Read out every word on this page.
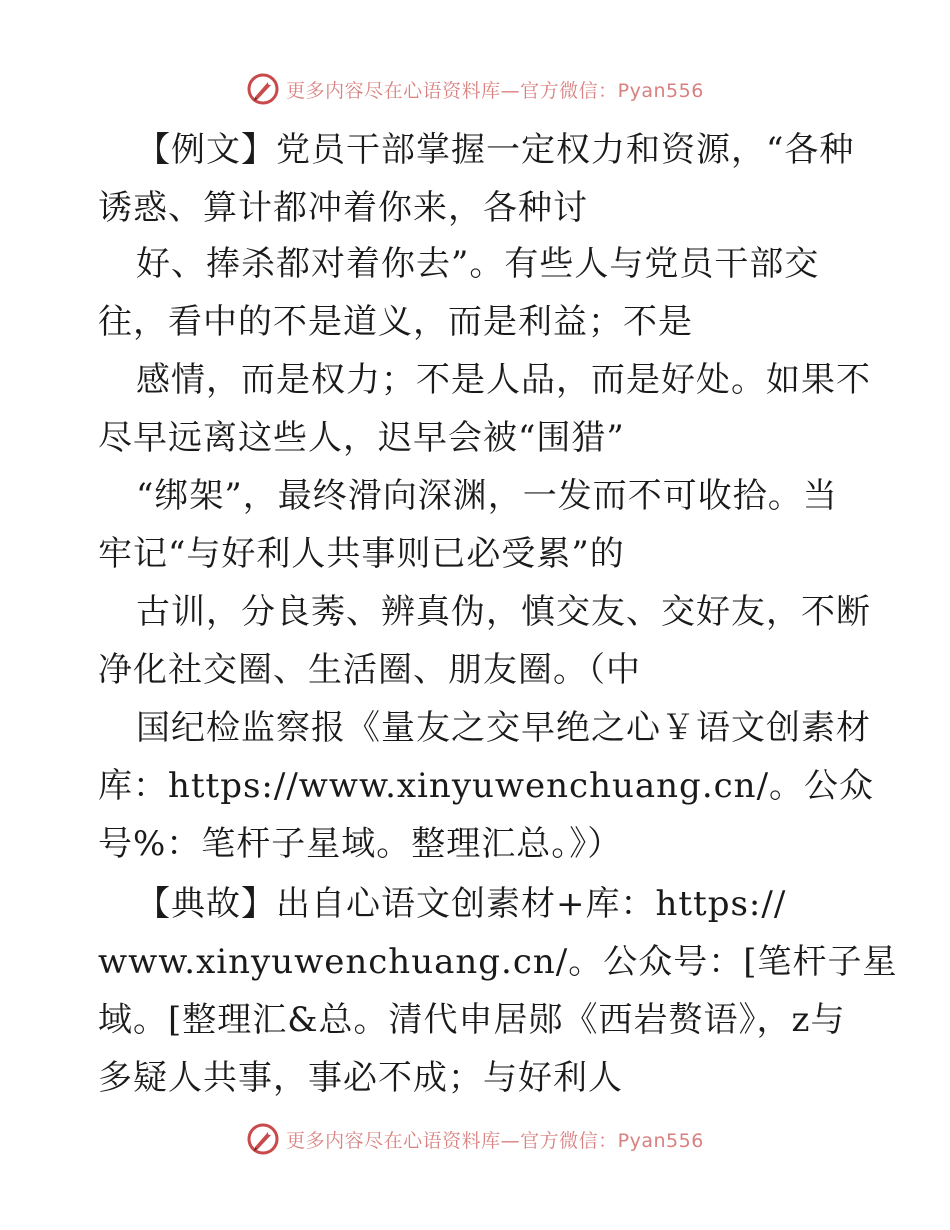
更多内容尽在心语资料库—官方微信：Pyan556
【例文】党员干部掌握一定权力和资源，“各种
诱惑、算计都冲着你来，各种讨
好、捧杀都对着你去”。有些人与党员干部交
往，看中的不是道义，而是利益；不是
感情，而是权力；不是人品，而是好处。如果不
尽早远离这些人，迟早会被“围猎”
“绑架”，最终滑向深渊，一发而不可收拾。当
牢记“与好利人共事则已必受累”的
古训，分良莠、辨真伪，慎交友、交好友，不断
净化社交圈、生活圈、朋友圈。（中
国纪检监察报《量友之交早绝之心￥语文创素材
库：https://www.xinyuwenchuang.cn/。公众
号%：笔杆子星域。整理汇总。》）
【典故】出自心语文创素材+库：https://
www.xinyuwenchuang.cn/。公众号：[笔杆子星
域。[整理汇&总。清代申居郧《西岩赘语》，z与
多疑人共事，事必不成；与好利人
更多内容尽在心语资料库—官方微信：Pyan556
